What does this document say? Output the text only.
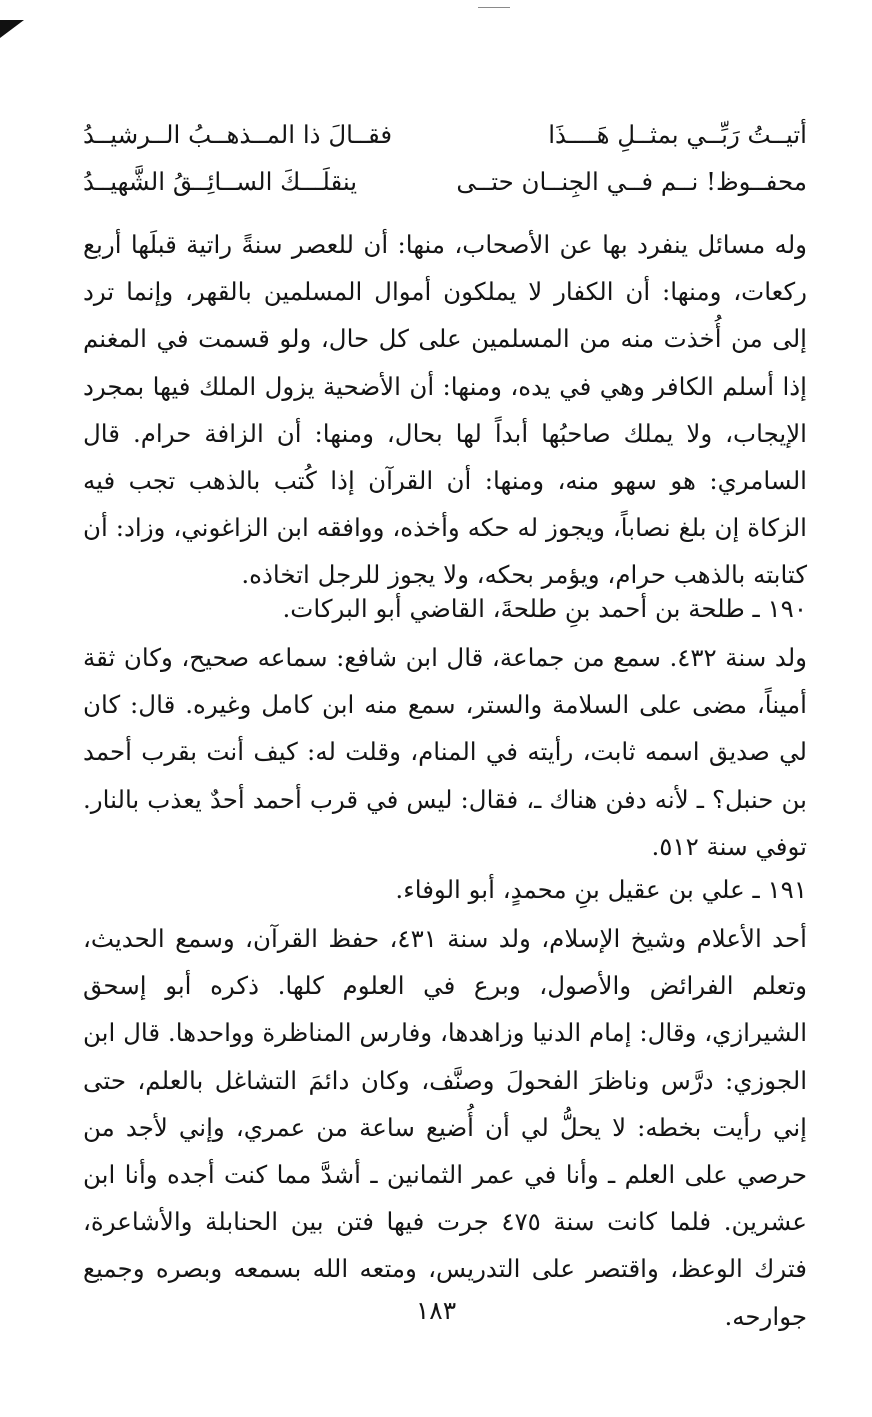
أتيــتُ رَبِّــي بمثــلِ هَــــذَا
فقــالَ ذا المــذهــبُ الــرشيــدُ
محفــوظ! نــم فــي الجِنــان حتــى
ينقلَـــكَ الســائِــقُ الشَّهيــدُ
وله مسائل ينفرد بها عن الأصحاب، منها: أن للعصر سنةً راتية قبلَها أربع ركعات، ومنها: أن الكفار لا يملكون أموال المسلمين بالقهر، وإنما ترد إلى من أُخذت منه من المسلمين على كل حال، ولو قسمت في المغنم إذا أسلم الكافر وهي في يده، ومنها: أن الأضحية يزول الملك فيها بمجرد الإيجاب، ولا يملك صاحبُها أبداً لها بحال، ومنها: أن الزافة حرام. قال السامري: هو سهو منه، ومنها: أن القرآن إذا كُتب بالذهب تجب فيه الزكاة إن بلغ نصاباً، ويجوز له حكه وأخذه، ووافقه ابن الزاغوني، وزاد: أن كتابته بالذهب حرام، ويؤمر بحكه، ولا يجوز للرجل اتخاذه.
١٩٠ ـ طلحة بن أحمد بنِ طلحةَ، القاضي أبو البركات.
ولد سنة ٤٣٢. سمع من جماعة، قال ابن شافع: سماعه صحيح، وكان ثقة أميناً، مضى على السلامة والستر، سمع منه ابن كامل وغيره. قال: كان لي صديق اسمه ثابت، رأيته في المنام، وقلت له: كيف أنت بقرب أحمد بن حنبل؟ ـ لأنه دفن هناك ـ، فقال: ليس في قرب أحمد أحدٌ يعذب بالنار. توفي سنة ٥١٢.
١٩١ ـ علي بن عقيل بنِ محمدٍ، أبو الوفاء.
أحد الأعلام وشيخ الإسلام، ولد سنة ٤٣١، حفظ القرآن، وسمع الحديث، وتعلم الفرائض والأصول، وبرع في العلوم كلها. ذكره أبو إسحق الشيرازي، وقال: إمام الدنيا وزاهدها، وفارس المناظرة وواحدها. قال ابن الجوزي: درَّس وناظرَ الفحولَ وصنَّف، وكان دائمَ التشاغل بالعلم، حتى إني رأيت بخطه: لا يحلُّ لي أن أُضيع ساعة من عمري، وإني لأجد من حرصي على العلم ـ وأنا في عمر الثمانين ـ أشدَّ مما كنت أجده وأنا ابن عشرين. فلما كانت سنة ٤٧٥ جرت فيها فتن بين الحنابلة والأشاعرة، فترك الوعظ، واقتصر على التدريس، ومتعه الله بسمعه وبصره وجميع جوارحه.
١٨٣
